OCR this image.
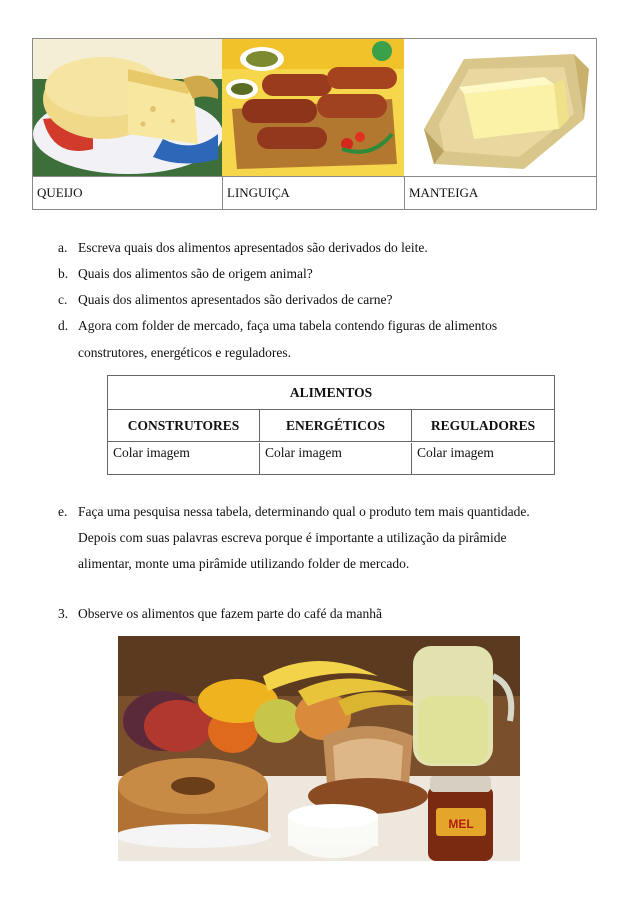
QUEIJO	LINGUIÇA	MANTEIGA
a. Escreva quais dos alimentos apresentados são derivados do leite.
b. Quais dos alimentos são de origem animal?
c. Quais dos alimentos apresentados são derivados de carne?
d. Agora com folder de mercado, faça uma tabela contendo figuras de alimentos
construtores, energéticos e reguladores.
ALIMENTOS
CONSTRUTORES	ENERGÉTICOS	REGULADORES
Colar imagem	Colar imagem	Colar imagem
e. Faça uma pesquisa nessa tabela, determinando qual o produto tem mais quantidade.
Depois com suas palavras escreva porque é importante a utilização da pirâmide
alimentar, monte uma pirâmide utilizando folder de mercado.
3. Observe os alimentos que fazem parte do café da manhã
MEL
